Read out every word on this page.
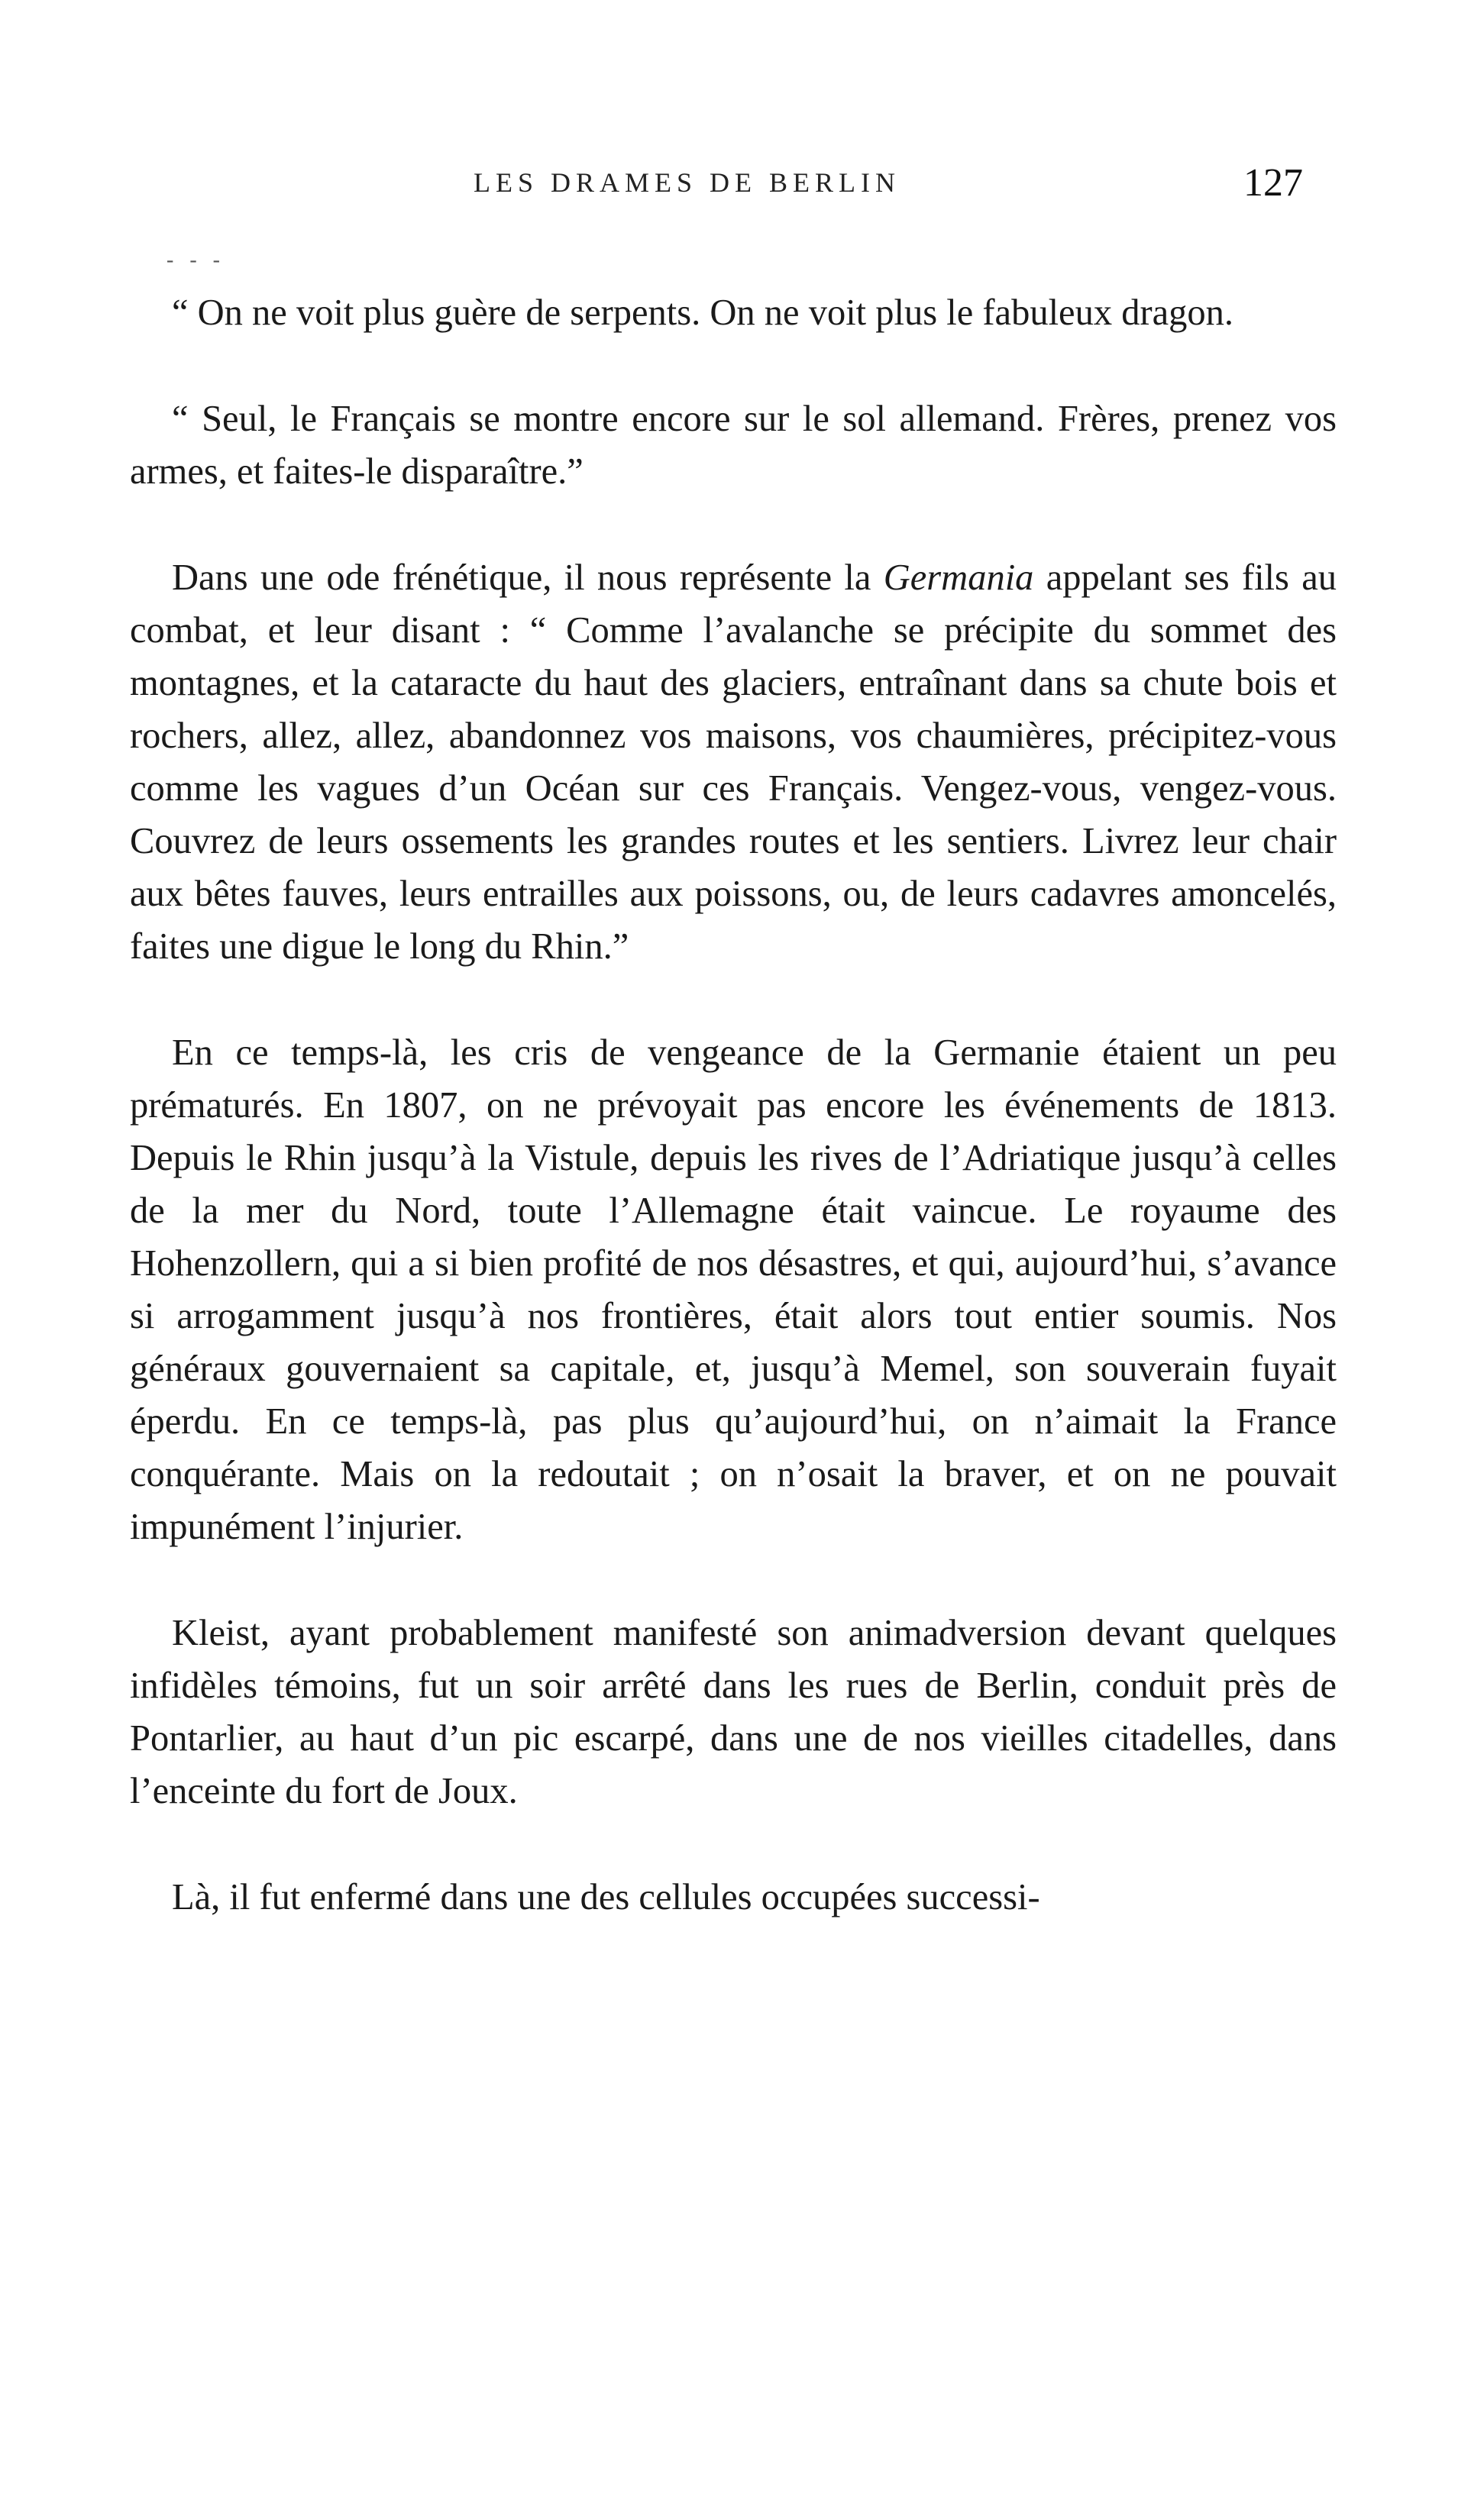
LES DRAMES DE BERLIN	127

“ On ne voit plus guère de serpents. On ne voit plus le fabuleux dragon.

“ Seul, le Français se montre encore sur le sol allemand. Frères, prenez vos armes, et faites-le disparaître.”

Dans une ode frénétique, il nous représente la Germania appelant ses fils au combat, et leur disant : “ Comme l’avalanche se précipite du sommet des montagnes, et la cataracte du haut des glaciers, entraînant dans sa chute bois et rochers, allez, allez, abandonnez vos maisons, vos chaumières, précipitez-vous comme les vagues d’un Océan sur ces Français. Vengez-vous, vengez-vous. Couvrez de leurs ossements les grandes routes et les sentiers. Livrez leur chair aux bêtes fauves, leurs entrailles aux poissons, ou, de leurs cadavres amoncelés, faites une digue le long du Rhin.”

En ce temps-là, les cris de vengeance de la Germanie étaient un peu prématurés. En 1807, on ne prévoyait pas encore les événements de 1813. Depuis le Rhin jusqu’à la Vistule, depuis les rives de l’Adriatique jusqu’à celles de la mer du Nord, toute l’Allemagne était vaincue. Le royaume des Hohenzollern, qui a si bien profité de nos désastres, et qui, aujourd’hui, s’avance si arrogamment jusqu’à nos frontières, était alors tout entier soumis. Nos généraux gouvernaient sa capitale, et, jusqu’à Memel, son souverain fuyait éperdu. En ce temps-là, pas plus qu’aujourd’hui, on n’aimait la France conquérante. Mais on la redoutait ; on n’osait la braver, et on ne pouvait impunément l’injurier.

Kleist, ayant probablement manifesté son animadversion devant quelques infidèles témoins, fut un soir arrêté dans les rues de Berlin, conduit près de Pontarlier, au haut d’un pic escarpé, dans une de nos vieilles citadelles, dans l’enceinte du fort de Joux.

Là, il fut enfermé dans une des cellules occupées successi-

-   -   -
